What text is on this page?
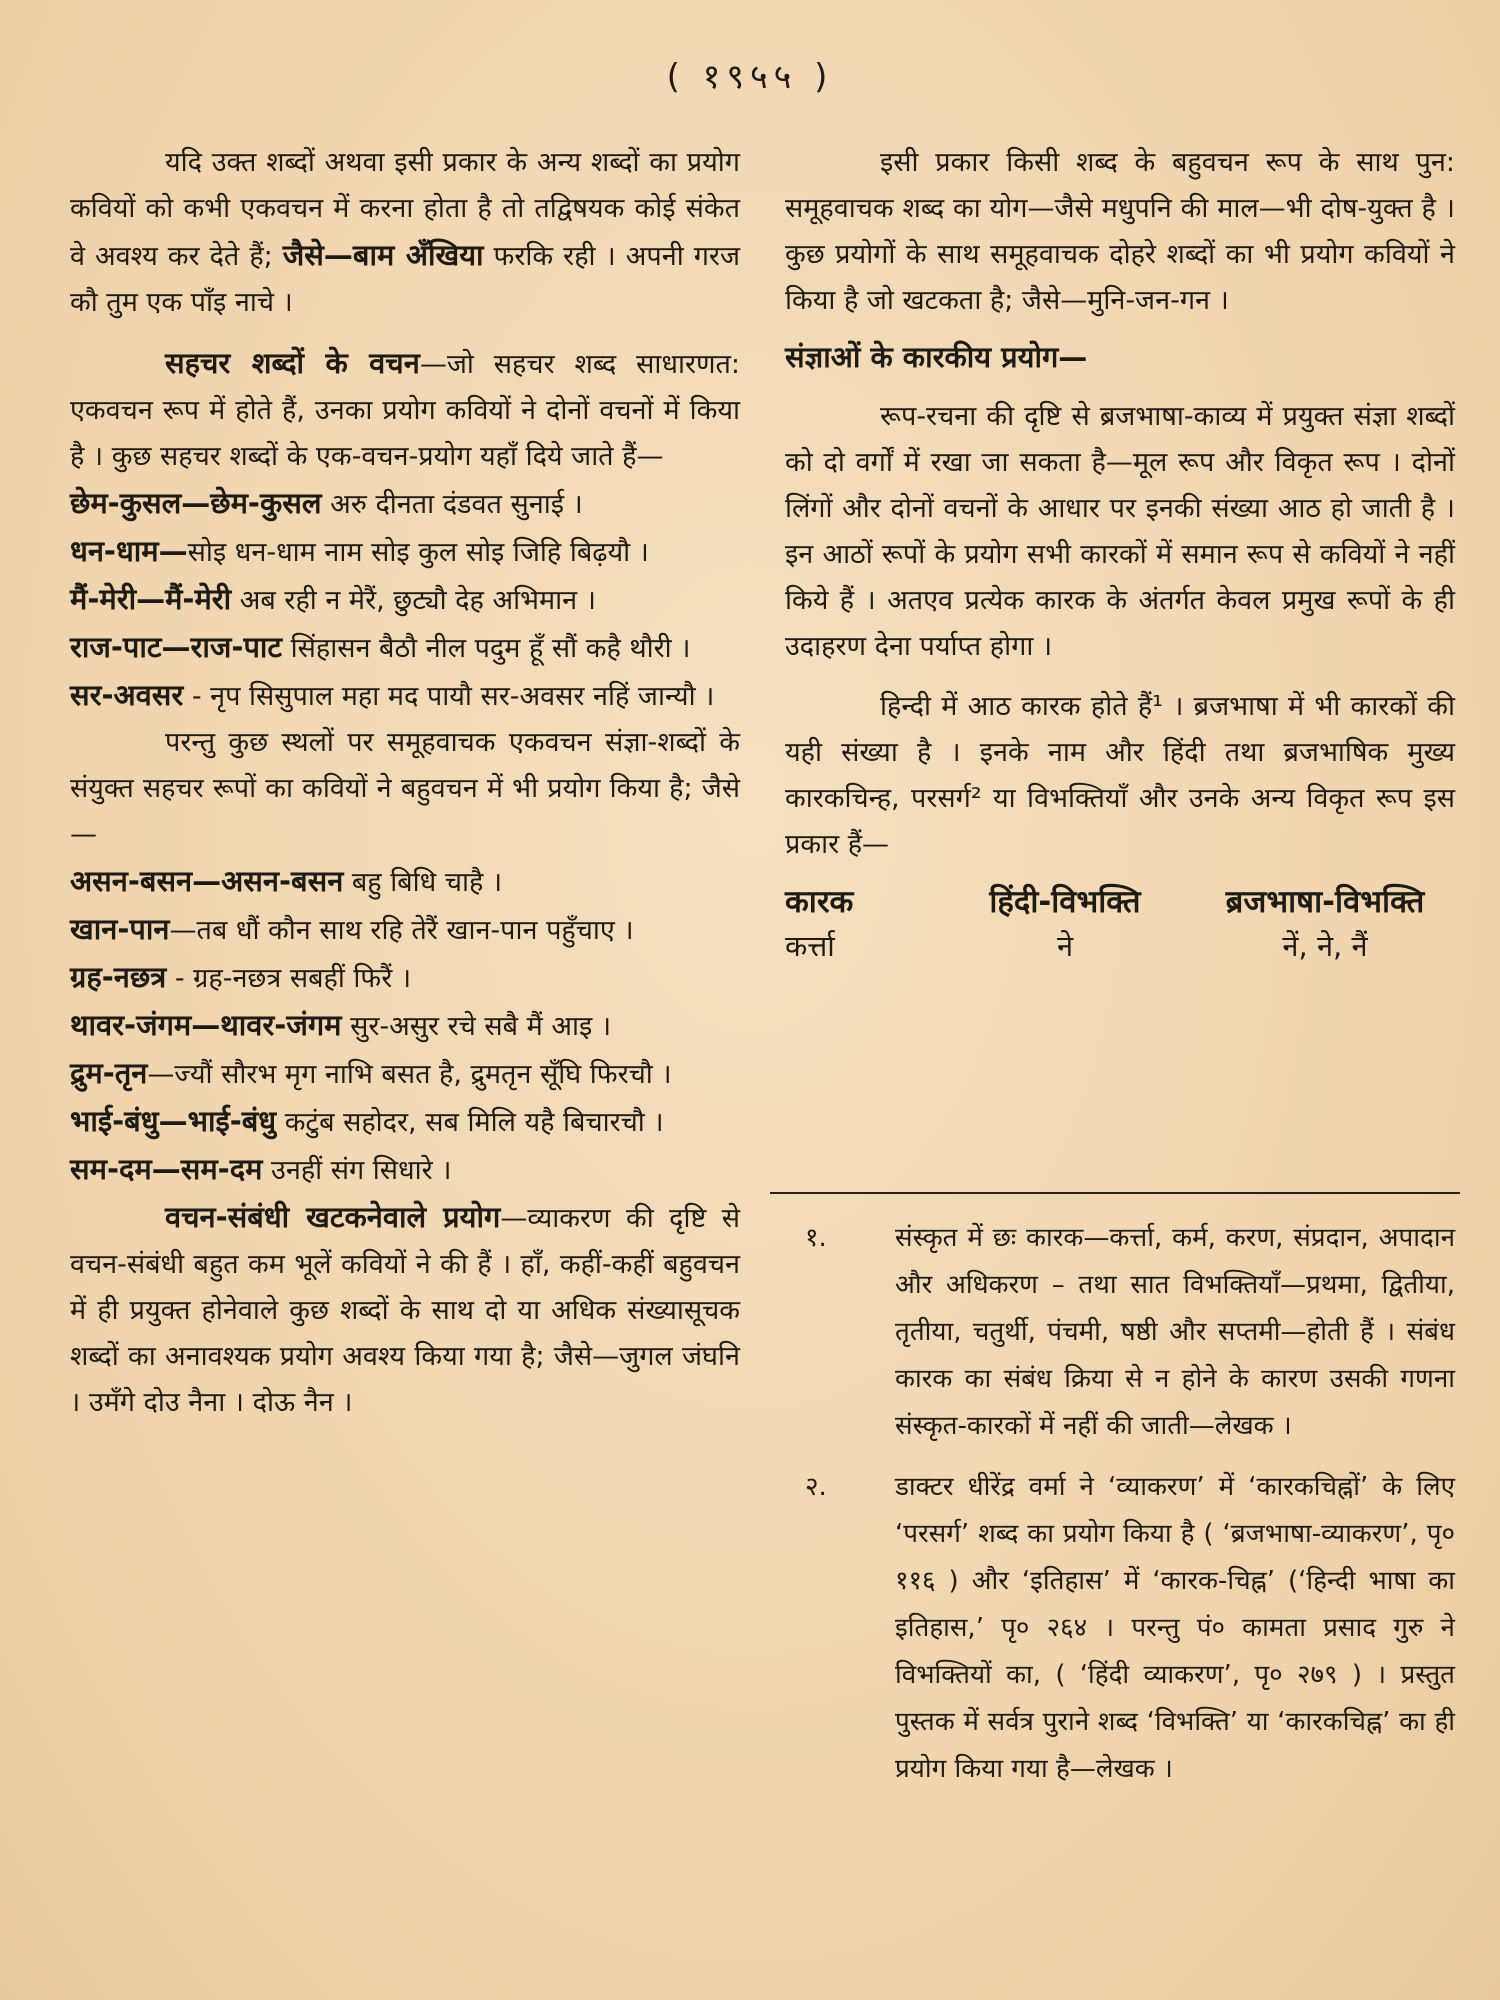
( १९५५ )

यदि उक्त शब्दों अथवा इसी प्रकार के अन्य शब्दों का प्रयोग कवियों को कभी एकवचन में करना होता है तो तद्विषयक कोई संकेत वे अवश्य कर देते हैं; जैसे—बाम अँखिया फरकि रही । अपनी गरज कौ तुम एक पाँइ नाचे ।

सहचर शब्दों के वचन—जो सहचर शब्द साधारणत: एकवचन रूप में होते हैं, उनका प्रयोग कवियों ने दोनों वचनों में किया है । कुछ सहचर शब्दों के एक-वचन-प्रयोग यहाँ दिये जाते हैं—

छेम-कुसल—छेम-कुसल अरु दीनता दंडवत सुनाई ।

धन-धाम—सोइ धन-धाम नाम सोइ कुल सोइ जिहि बिढ़यौ ।

मैं-मेरी—मैं-मेरी अब रही न मेरैं, छुट्यौ देह अभिमान ।

राज-पाट—राज-पाट सिंहासन बैठौ नील पदुम हूँ सौं कहै थौरी ।

सर-अवसर - नृप सिसुपाल महा मद पायौ सर-अवसर नहिं जान्यौ ।

परन्तु कुछ स्थलों पर समूहवाचक एकवचन संज्ञा-शब्दों के संयुक्त सहचर रूपों का कवियों ने बहुवचन में भी प्रयोग किया है; जैसे—

असन-बसन—असन-बसन बहु बिधि चाहै ।

खान-पान—तब धौं कौन साथ रहि तेरैं खान-पान पहुँचाए ।

ग्रह-नछत्र - ग्रह-नछत्र सबहीं फिरैं ।

थावर-जंगम—थावर-जंगम सुर-असुर रचे सबै मैं आइ ।

द्रुम-तृन—ज्यौं सौरभ मृग नाभि बसत है, द्रुमतृन सूँघि फिरचौ ।

भाई-बंधु—भाई-बंधु कटुंब सहोदर, सब मिलि यहै बिचारचौ ।

सम-दम—सम-दम उनहीं संग सिधारे ।

वचन-संबंधी खटकनेवाले प्रयोग—व्याकरण की दृष्टि से वचन-संबंधी बहुत कम भूलें कवियों ने की हैं । हाँ, कहीं-कहीं बहुवचन में ही प्रयुक्त होनेवाले कुछ शब्दों के साथ दो या अधिक संख्यासूचक शब्दों का अनावश्यक प्रयोग अवश्य किया गया है; जैसे—जुगल जंघनि । उमँगे दोउ नैना । दोऊ नैन ।

इसी प्रकार किसी शब्द के बहुवचन रूप के साथ पुन: समूहवाचक शब्द का योग—जैसे मधुपनि की माल—भी दोष-युक्त है । कुछ प्रयोगों के साथ समूहवाचक दोहरे शब्दों का भी प्रयोग कवियों ने किया है जो खटकता है; जैसे—मुनि-जन-गन ।

संज्ञाओं के कारकीय प्रयोग—

रूप-रचना की दृष्टि से ब्रजभाषा-काव्य में प्रयुक्त संज्ञा शब्दों को दो वर्गों में रखा जा सकता है—मूल रूप और विकृत रूप । दोनों लिंगों और दोनों वचनों के आधार पर इनकी संख्या आठ हो जाती है । इन आठों रूपों के प्रयोग सभी कारकों में समान रूप से कवियों ने नहीं किये हैं । अतएव प्रत्येक कारक के अंतर्गत केवल प्रमुख रूपों के ही उदाहरण देना पर्याप्त होगा ।

हिन्दी में आठ कारक होते हैं¹ । ब्रजभाषा में भी कारकों की यही संख्या है । इनके नाम और हिंदी तथा ब्रजभाषिक मुख्य कारकचिन्ह, परसर्ग² या विभक्तियाँ और उनके अन्य विकृत रूप इस प्रकार हैं—

कारक	हिंदी-विभक्ति	ब्रजभाषा-विभक्ति
कर्त्ता	ने	नें, ने, नैं
१.	संस्कृत में छः कारक—कर्त्ता, कर्म, करण, संप्रदान, अपादान और अधिकरण – तथा सात विभक्तियाँ—प्रथमा, द्वितीया, तृतीया, चतुर्थी, पंचमी, षष्ठी और सप्तमी—होती हैं । संबंध कारक का संबंध क्रिया से न होने के कारण उसकी गणना संस्कृत-कारकों में नहीं की जाती—लेखक ।
२.	डाक्टर धीरेंद्र वर्मा ने ‘व्याकरण’ में ‘कारकचिह्नों’ के लिए ‘परसर्ग’ शब्द का प्रयोग किया है ( ‘ब्रजभाषा-व्याकरण’, पृ० ११६ ) और ‘इतिहास’ में ‘कारक-चिह्न’ (‘हिन्दी भाषा का इतिहास,’ पृ० २६४ । परन्तु पं० कामता प्रसाद गुरु ने विभक्तियों का, ( ‘हिंदी व्याकरण’, पृ० २७९ ) । प्रस्तुत पुस्तक में सर्वत्र पुराने शब्द ‘विभक्ति’ या ‘कारकचिह्न’ का ही प्रयोग किया गया है—लेखक ।
